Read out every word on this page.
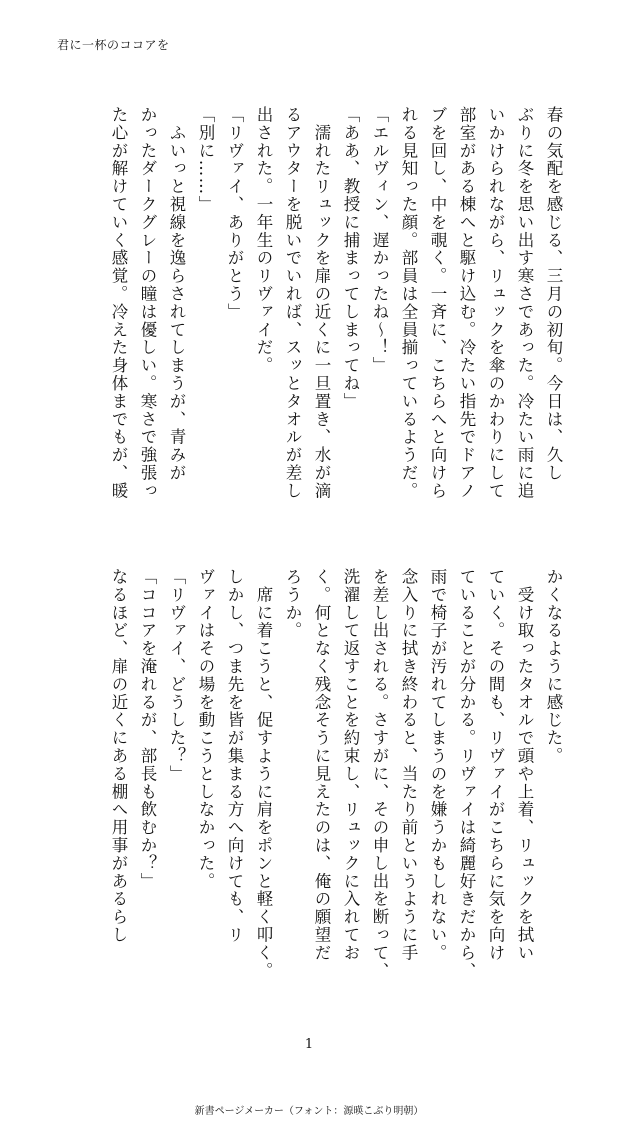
君に一杯のココアを
春の気配を感じる、三月の初旬。今日は、久し
ぶりに冬を思い出す寒さであった。冷たい雨に追
いかけられながら、リュックを傘のかわりにして
部室がある棟へと駆け込む。冷たい指先でドアノ
ブを回し、中を覗く。一斉に、こちらへと向けら
れる見知った顔。部員は全員揃っているようだ。
「エルヴィン、遅かったね〜！」
「ああ、教授に捕まってしまってね」
　濡れたリュックを扉の近くに一旦置き、水が滴
るアウターを脱いでいれば、スッとタオルが差し
出された。一年生のリヴァイだ。
「リヴァイ、ありがとう」
「別に……」
　ふいっと視線を逸らされてしまうが、青みが
かったダークグレーの瞳は優しい。寒さで強張っ
た心が解けていく感覚。冷えた身体までもが、暖
かくなるように感じた。
　受け取ったタオルで頭や上着、リュックを拭い
ていく。その間も、リヴァイがこちらに気を向け
ていることが分かる。リヴァイは綺麗好きだから、
雨で椅子が汚れてしまうのを嫌うかもしれない。
念入りに拭き終わると、当たり前というように手
を差し出される。さすがに、その申し出を断って、
洗濯して返すことを約束し、リュックに入れてお
く。何となく残念そうに見えたのは、俺の願望だ
ろうか。
　席に着こうと、促すように肩をポンと軽く叩く。
しかし、つま先を皆が集まる方へ向けても、リ
ヴァイはその場を動こうとしなかった。
「リヴァイ、どうした？」
「ココアを淹れるが、部長も飲むか？」
なるほど、扉の近くにある棚へ用事があるらし
1
新書ページメーカー（フォント：源暎こぶり明朝）
